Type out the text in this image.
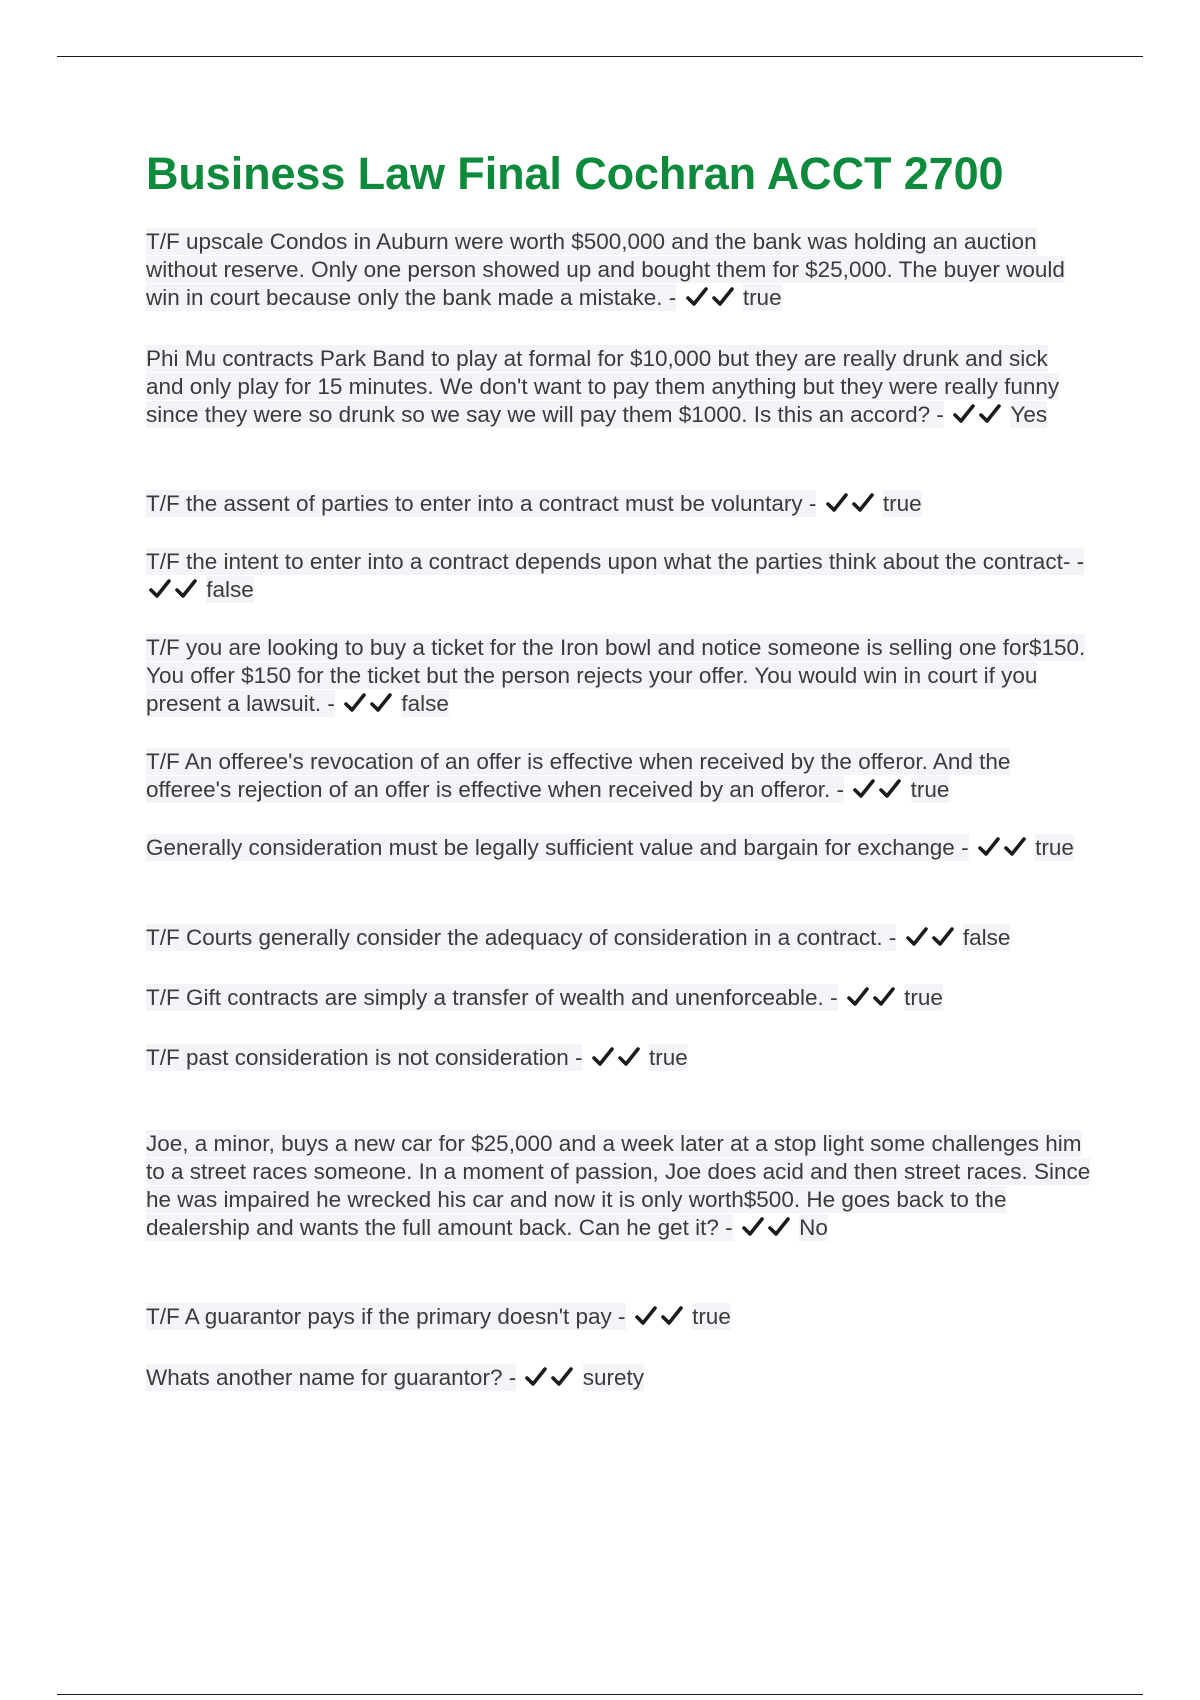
Business Law Final Cochran ACCT 2700

T/F upscale Condos in Auburn were worth $500,000 and the bank was holding an auction without reserve. Only one person showed up and bought them for $25,000. The buyer would win in court because only the bank made a mistake. -	true

Phi Mu contracts Park Band to play at formal for $10,000 but they are really drunk and sick and only play for 15 minutes. We don't want to pay them anything but they were really funny since they were so drunk so we say we will pay them $1000. Is this an accord? -	Yes

T/F the assent of parties to enter into a contract must be voluntary -	true

T/F the intent to enter into a contract depends upon what the parties think about the contract- -
false

T/F you are looking to buy a ticket for the Iron bowl and notice someone is selling one for$150. You offer $150 for the ticket but the person rejects your offer. You would win in court if you present a lawsuit. -	false

T/F An offeree's revocation of an offer is effective when received by the offeror. And the offeree's rejection of an offer is effective when received by an offeror. -	true

Generally consideration must be legally sufficient value and bargain for exchange -	true

T/F Courts generally consider the adequacy of consideration in a contract. -	false

T/F Gift contracts are simply a transfer of wealth and unenforceable. -	true

T/F past consideration is not consideration -	true

Joe, a minor, buys a new car for $25,000 and a week later at a stop light some challenges him to a street races someone. In a moment of passion, Joe does acid and then street races. Since he was impaired he wrecked his car and now it is only worth$500. He goes back to the dealership and wants the full amount back. Can he get it? -	No

T/F A guarantor pays if the primary doesn't pay -	true

Whats another name for guarantor? -	surety
